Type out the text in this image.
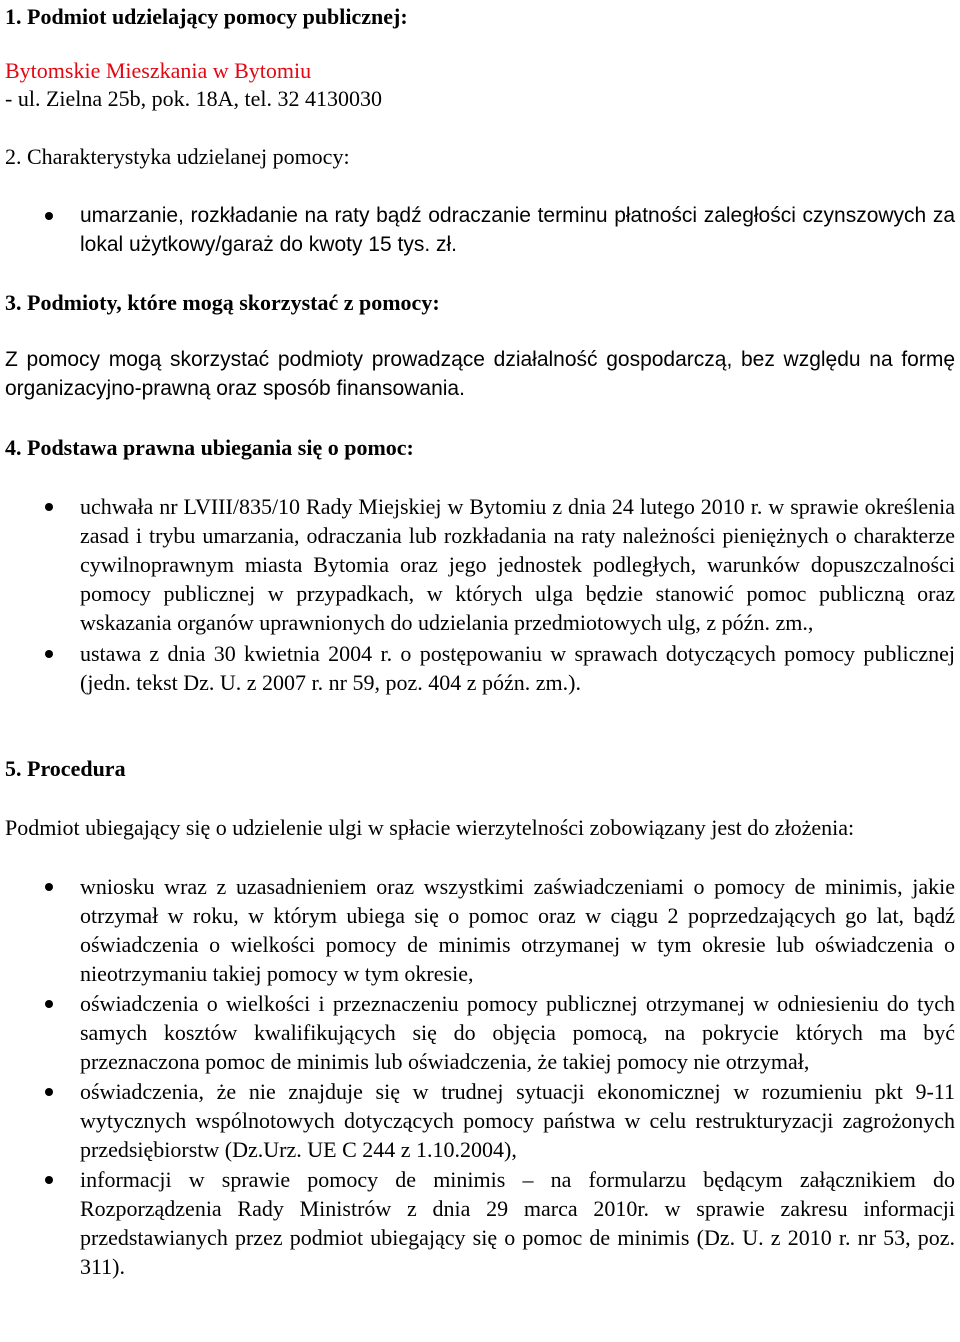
1. Podmiot udzielający pomocy publicznej:

Bytomskie Mieszkania w Bytomiu

- ul. Zielna 25b, pok. 18A, tel. 32 4130030

2. Charakterystyka udzielanej pomocy:

umarzanie, rozkładanie na raty bądź odraczanie terminu płatności zaległości czynszowych za lokal użytkowy/garaż do kwoty 15 tys. zł.

3. Podmioty, które mogą skorzystać z pomocy:

Z pomocy mogą skorzystać podmioty prowadzące działalność gospodarczą, bez względu na formę organizacyjno-prawną oraz sposób finansowania.

4. Podstawa prawna ubiegania się o pomoc:

uchwała nr LVIII/835/10 Rady Miejskiej w Bytomiu z dnia 24 lutego 2010 r. w sprawie określenia zasad i trybu umarzania, odraczania lub rozkładania na raty należności pieniężnych o charakterze cywilnoprawnym miasta Bytomia oraz jego jednostek podległych, warunków dopuszczalności pomocy publicznej w przypadkach, w których ulga będzie stanowić pomoc publiczną oraz wskazania organów uprawnionych do udzielania przedmiotowych ulg, z późn. zm.,
ustawa z dnia 30 kwietnia 2004 r. o postępowaniu w sprawach dotyczących pomocy publicznej (jedn. tekst Dz. U. z 2007 r. nr 59, poz. 404 z późn. zm.).

5. Procedura

Podmiot ubiegający się o udzielenie ulgi w spłacie wierzytelności zobowiązany jest do złożenia:

wniosku wraz z uzasadnieniem oraz wszystkimi zaświadczeniami o pomocy de minimis, jakie otrzymał w roku, w którym ubiega się o pomoc oraz w ciągu 2 poprzedzających go lat, bądź oświadczenia o wielkości pomocy de minimis otrzymanej w tym okresie lub oświadczenia o nieotrzymaniu takiej pomocy w tym okresie,
oświadczenia o wielkości i przeznaczeniu pomocy publicznej otrzymanej w odniesieniu do tych samych kosztów kwalifikujących się do objęcia pomocą, na pokrycie których ma być przeznaczona pomoc de minimis lub oświadczenia, że takiej pomocy nie otrzymał,
oświadczenia, że nie znajduje się w trudnej sytuacji ekonomicznej w rozumieniu pkt 9-11 wytycznych wspólnotowych dotyczących pomocy państwa w celu restrukturyzacji zagrożonych przedsiębiorstw (Dz.Urz. UE C 244 z 1.10.2004),
informacji w sprawie pomocy de minimis – na formularzu będącym załącznikiem do Rozporządzenia Rady Ministrów z dnia 29 marca 2010r. w sprawie zakresu informacji przedstawianych przez podmiot ubiegający się o pomoc de minimis (Dz. U. z 2010 r. nr 53, poz. 311).
